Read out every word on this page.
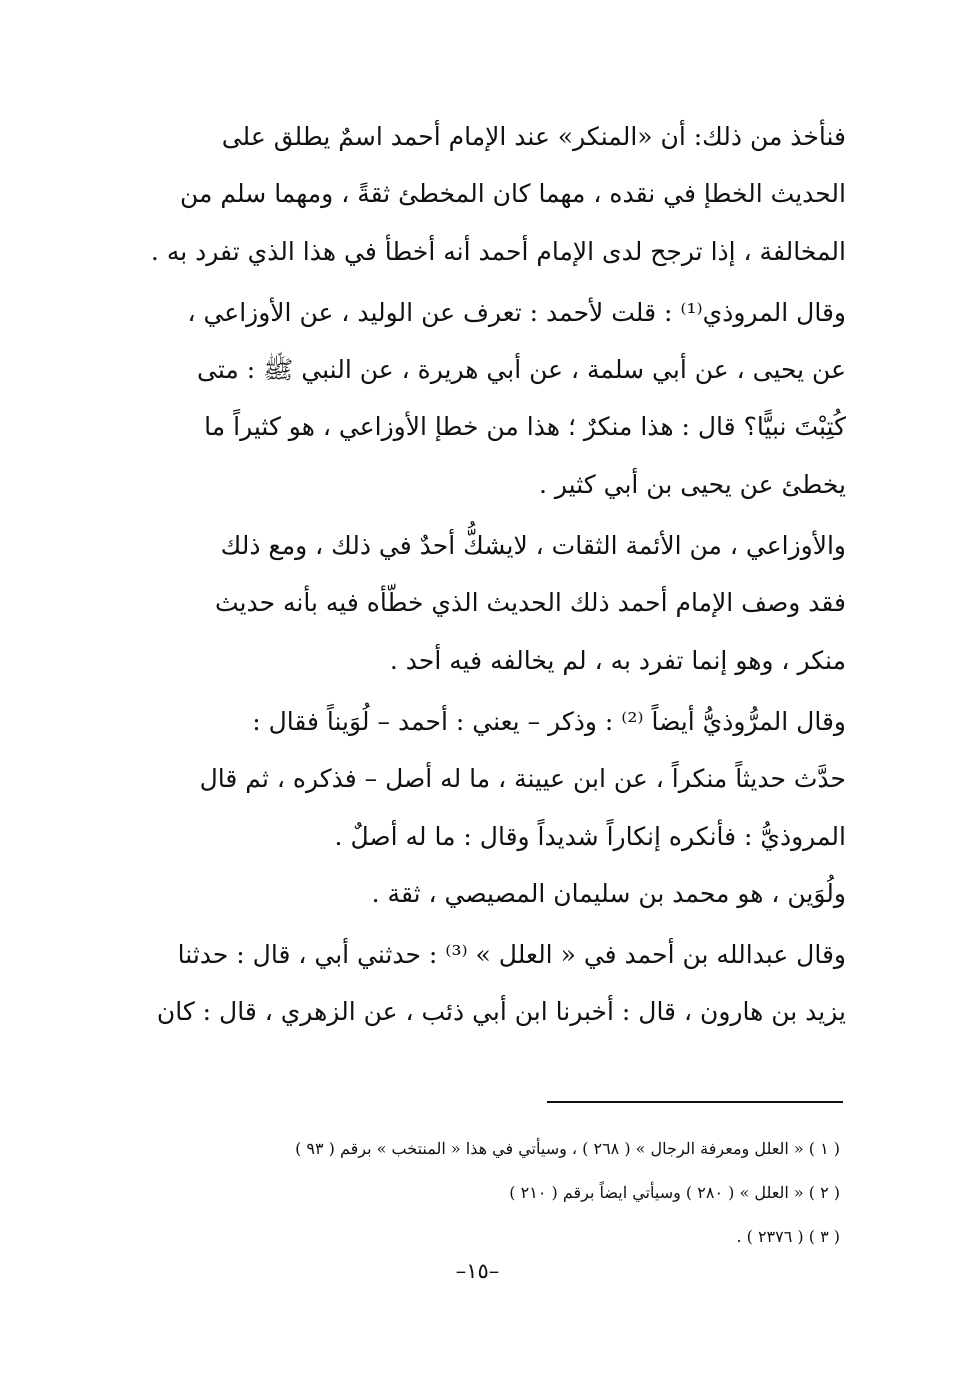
فنأخذ من ذلك: أن «المنكر» عند الإمام أحمد اسمٌ يطلق على
الحديث الخطإ في نقده ، مهما كان المخطئ ثقةً ، ومهما سلم من
المخالفة ، إذا ترجح لدى الإمام أحمد أنه أخطأ في هذا الذي تفرد به .
وقال المروذي⁽¹⁾ : قلت لأحمد : تعرف عن الوليد ، عن الأوزاعي ،
عن يحيى ، عن أبي سلمة ، عن أبي هريرة ، عن النبي ﷺ : متى
كُتِبْتَ نبيًّا؟ قال : هذا منكرٌ ؛ هذا من خطإ الأوزاعي ، هو كثيراً ما
يخطئ عن يحيى بن أبي كثير .
والأوزاعي ، من الأئمة الثقات ، لايشكُّ أحدٌ في ذلك ، ومع ذلك
فقد وصف الإمام أحمد ذلك الحديث الذي خطّأه فيه بأنه حديث
منكر ، وهو إنما تفرد به ، لم يخالفه فيه أحد .
وقال المرُّوذيُّ أيضاً ⁽²⁾ : وذكر – يعني : أحمد – لُوَيناً فقال :
حدَّث حديثاً منكراً ، عن ابن عيينة ، ما له أصل – فذكره ، ثم قال
المروذيُّ : فأنكره إنكاراً شديداً وقال : ما له أصلٌ .
ولُوَين ، هو محمد بن سليمان المصيصي ، ثقة .
وقال عبدالله بن أحمد في « العلل » ⁽³⁾ : حدثني أبي ، قال : حدثنا
يزيد بن هارون ، قال : أخبرنا ابن أبي ذئب ، عن الزهري ، قال : كان
( ١ ) « العلل ومعرفة الرجال » ( ٢٦٨ ) ، وسيأتي في هذا « المنتخب » برقم ( ٩٣ )
( ٢ ) « العلل » ( ٢٨٠ ) وسيأتي ايضاً برقم ( ٢١٠ )
( ٣ ) ( ٢٣٧٦ ) .
–١٥–
